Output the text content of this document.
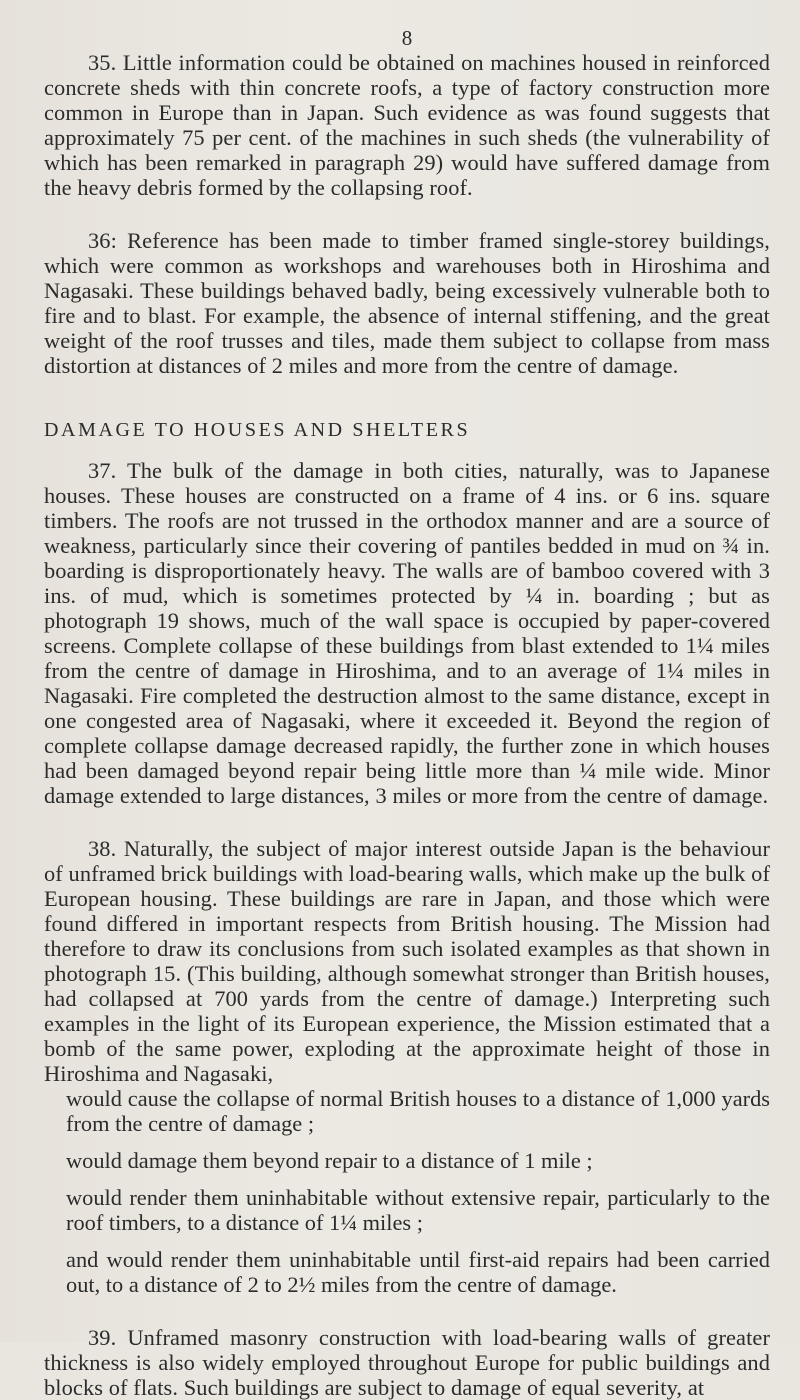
8

35. Little information could be obtained on machines housed in reinforced concrete sheds with thin concrete roofs, a type of factory construction more common in Europe than in Japan. Such evidence as was found suggests that approximately 75 per cent. of the machines in such sheds (the vulnerability of which has been remarked in paragraph 29) would have suffered damage from the heavy debris formed by the collapsing roof.

36: Reference has been made to timber framed single-storey buildings, which were common as workshops and warehouses both in Hiroshima and Nagasaki. These buildings behaved badly, being excessively vulnerable both to fire and to blast. For example, the absence of internal stiffening, and the great weight of the roof trusses and tiles, made them subject to collapse from mass distortion at distances of 2 miles and more from the centre of damage.

DAMAGE TO HOUSES AND SHELTERS

37. The bulk of the damage in both cities, naturally, was to Japanese houses. These houses are constructed on a frame of 4 ins. or 6 ins. square timbers. The roofs are not trussed in the orthodox manner and are a source of weakness, particularly since their covering of pantiles bedded in mud on ¾ in. boarding is disproportionately heavy. The walls are of bamboo covered with 3 ins. of mud, which is sometimes protected by ¼ in. boarding ; but as photograph 19 shows, much of the wall space is occupied by paper-covered screens. Complete collapse of these buildings from blast extended to 1¼ miles from the centre of damage in Hiroshima, and to an average of 1¼ miles in Nagasaki. Fire completed the destruction almost to the same distance, except in one congested area of Nagasaki, where it exceeded it. Beyond the region of complete collapse damage decreased rapidly, the further zone in which houses had been damaged beyond repair being little more than ¼ mile wide. Minor damage extended to large distances, 3 miles or more from the centre of damage.

38. Naturally, the subject of major interest outside Japan is the behaviour of unframed brick buildings with load-bearing walls, which make up the bulk of European housing. These buildings are rare in Japan, and those which were found differed in important respects from British housing. The Mission had therefore to draw its conclusions from such isolated examples as that shown in photograph 15. (This building, although somewhat stronger than British houses, had collapsed at 700 yards from the centre of damage.) Interpreting such examples in the light of its European experience, the Mission estimated that a bomb of the same power, exploding at the approximate height of those in Hiroshima and Nagasaki,

would cause the collapse of normal British houses to a distance of 1,000 yards from the centre of damage ;
would damage them beyond repair to a distance of 1 mile ;
would render them uninhabitable without extensive repair, particularly to the roof timbers, to a distance of 1¼ miles ;
and would render them uninhabitable until first-aid repairs had been carried out, to a distance of 2 to 2½ miles from the centre of damage.

39. Unframed masonry construction with load-bearing walls of greater thickness is also widely employed throughout Europe for public buildings and blocks of flats. Such buildings are subject to damage of equal severity, at
